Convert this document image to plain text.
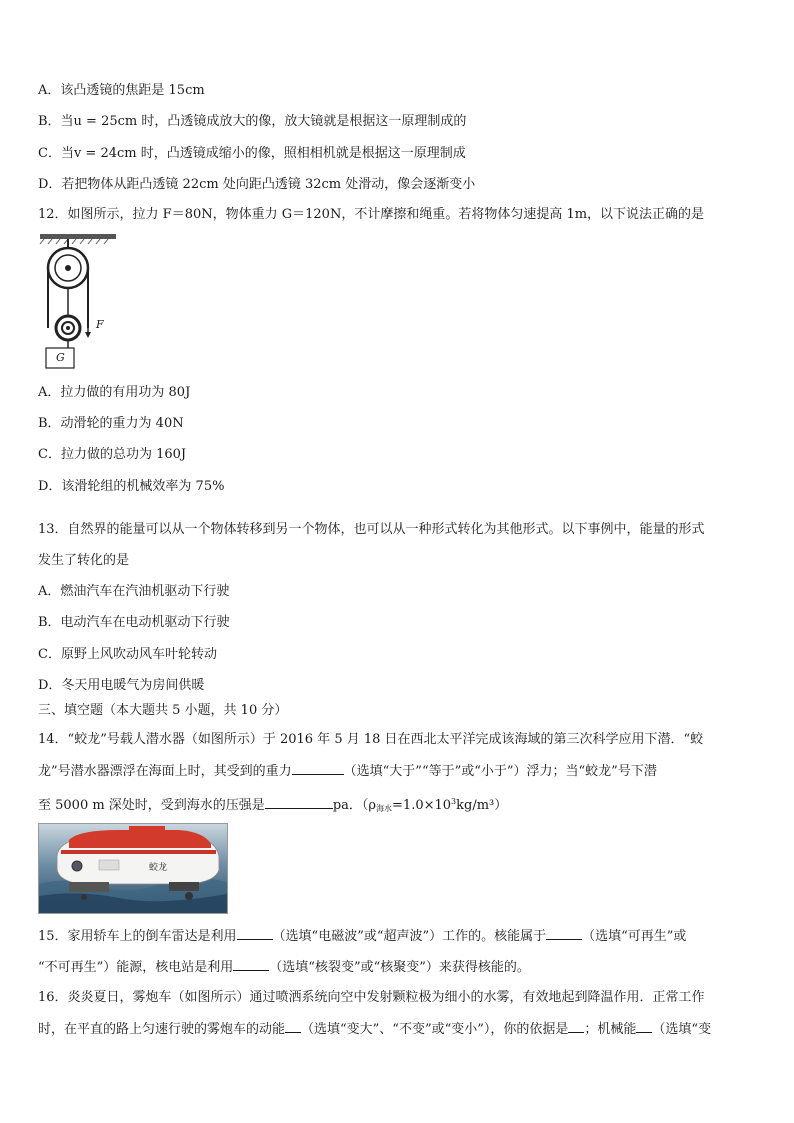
A．该凸透镜的焦距是 15cm
B．当u = 25cm 时，凸透镜成放大的像，放大镜就是根据这一原理制成的
C．当v = 24cm 时，凸透镜成缩小的像，照相相机就是根据这一原理制成
D．若把物体从距凸透镜 22cm 处向距凸透镜 32cm 处滑动，像会逐渐变小
12．如图所示，拉力 F＝80N，物体重力 G＝120N，不计摩擦和绳重。若将物体匀速提高 1m，以下说法正确的是
F
G
A．拉力做的有用功为 80J
B．动滑轮的重力为 40N
C．拉力做的总功为 160J
D．该滑轮组的机械效率为 75%
13．自然界的能量可以从一个物体转移到另一个物体，也可以从一种形式转化为其他形式。以下事例中，能量的形式
发生了转化的是
A．燃油汽车在汽油机驱动下行驶
B．电动汽车在电动机驱动下行驶
C．原野上风吹动风车叶轮转动
D．冬天用电暖气为房间供暖
三、填空题（本大题共 5 小题，共 10 分）
14．“蛟龙”号载人潜水器（如图所示）于 2016 年 5 月 18 日在西北太平洋完成该海域的第三次科学应用下潜．“蛟
龙”号潜水器漂浮在海面上时，其受到的重力	（选填“大于”“等于”或“小于”）浮力；当“蛟龙”号下潜
至 5000 m 深处时，受到海水的压强是	pa．$(\rho_{海水}=1.0\times 10^3kg/m^3)$
蛟龙
15．家用轿车上的倒车雷达是利用	（选填“电磁波”或“超声波”）工作的。核能属于	（选填“可再生”或
“不可再生”）能源，核电站是利用	（选填“核裂变”或“核聚变”）来获得核能的。
16．炎炎夏日，雾炮车（如图所示）通过喷洒系统向空中发射颗粒极为细小的水雾，有效地起到降温作用．正常工作
时，在平直的路上匀速行驶的雾炮车的动能 （选填“变大”、“不变”或“变小”），你的依据是 ；机械能 （选填“变
